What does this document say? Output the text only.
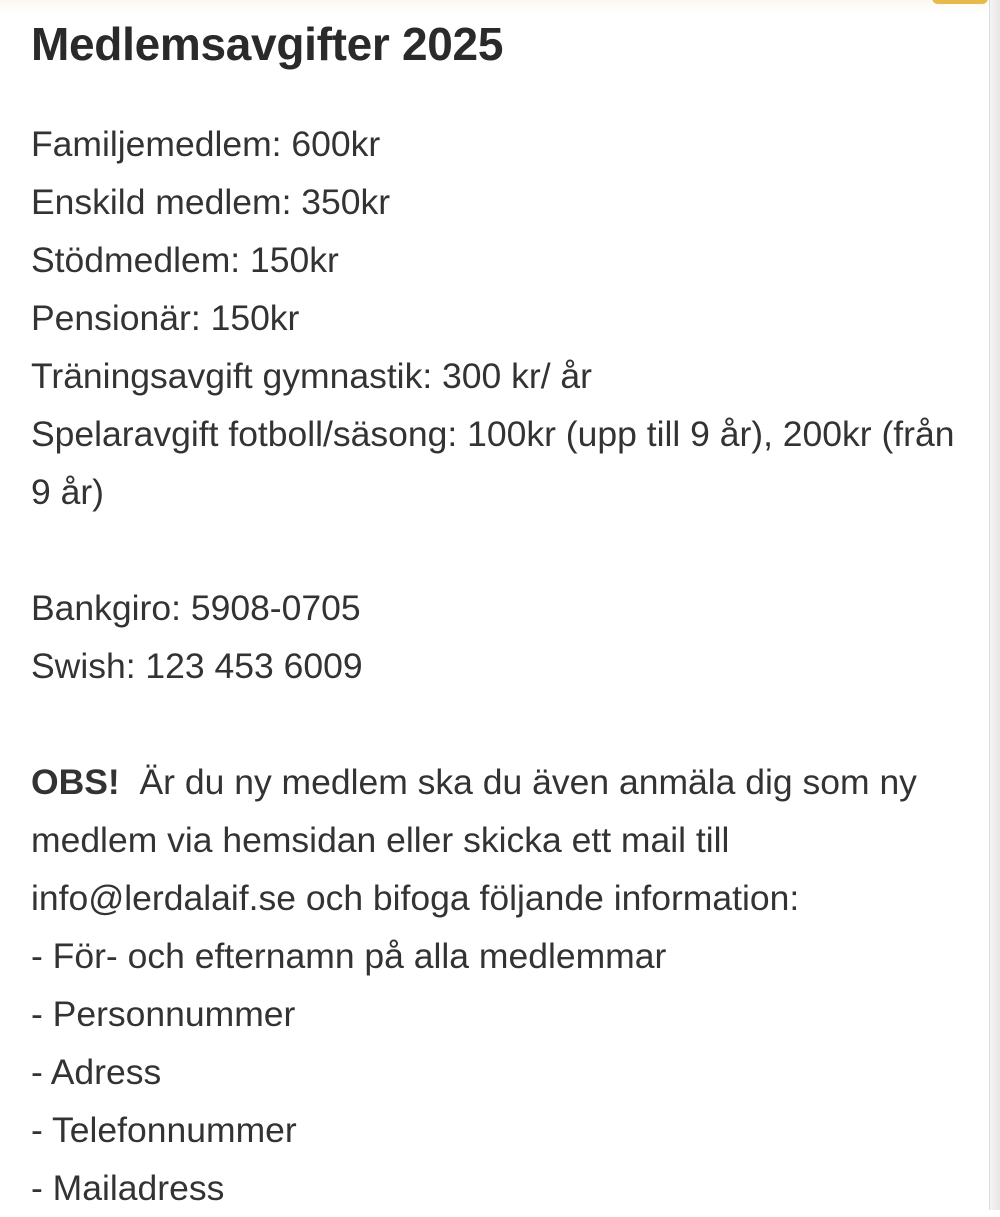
Medlemsavgifter 2025
Familjemedlem: 600kr
Enskild medlem: 350kr
Stödmedlem: 150kr
Pensionär: 150kr
Träningsavgift gymnastik: 300 kr/ år
Spelaravgift fotboll/säsong: 100kr (upp till 9 år), 200kr (från 9 år)
Bankgiro: 5908-0705
Swish: 123 453 6009
OBS! Är du ny medlem ska du även anmäla dig som ny medlem via hemsidan eller skicka ett mail till info@lerdalaif.se och bifoga följande information:
- För- och efternamn på alla medlemmar
- Personnummer
- Adress
- Telefonnummer
- Mailadress
